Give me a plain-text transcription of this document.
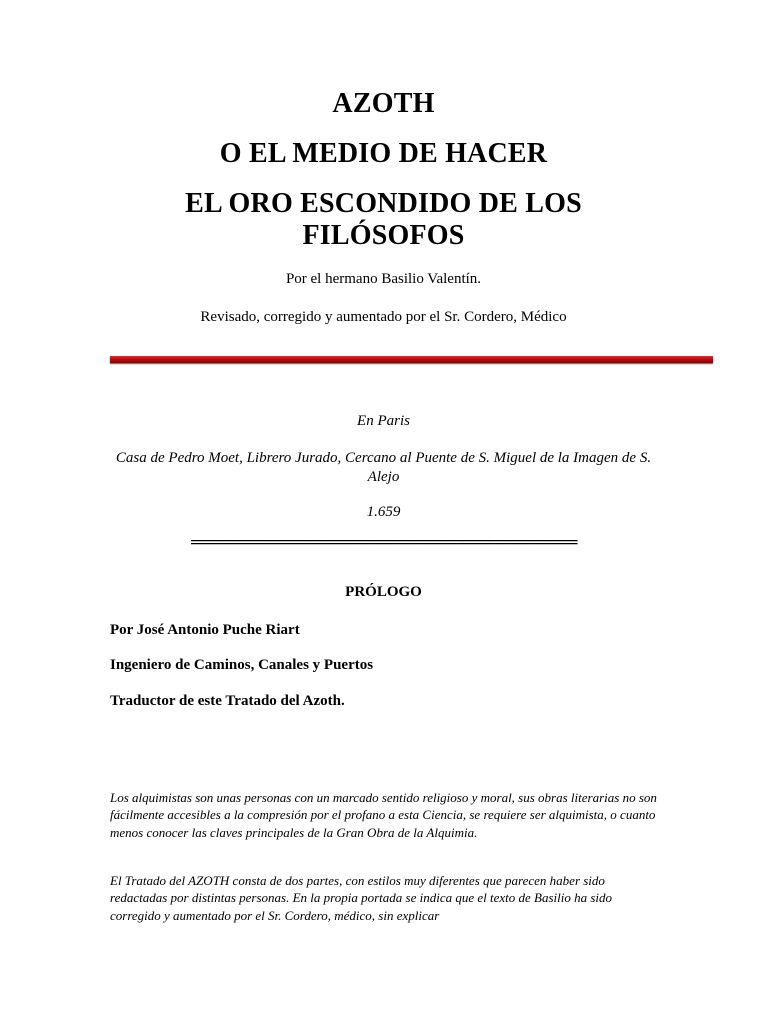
AZOTH
O EL MEDIO DE HACER
EL ORO ESCONDIDO DE LOS FILÓSOFOS
Por el hermano Basilio Valentín.
Revisado, corregido y aumentado por el Sr. Cordero, Médico
En Paris
Casa de Pedro Moet, Librero Jurado, Cercano al Puente de S. Miguel de la Imagen de S. Alejo
1.659
==========================================================================
PRÓLOGO
Por José Antonio Puche Riart
Ingeniero de Caminos, Canales y Puertos
Traductor de este Tratado del Azoth.

Los alquimistas son unas personas con un marcado sentido religioso y moral, sus obras literarias no son fácilmente accesibles a la compresión por el profano a esta Ciencia, se requiere ser alquimista, o cuanto menos conocer las claves principales de la Gran Obra de la Alquimia.

El Tratado del AZOTH consta de dos partes, con estilos muy diferentes que parecen haber sido redactadas por distintas personas. En la propia portada se indica que el texto de Basilio ha sido corregido y aumentado por el Sr. Cordero, médico, sin explicar
